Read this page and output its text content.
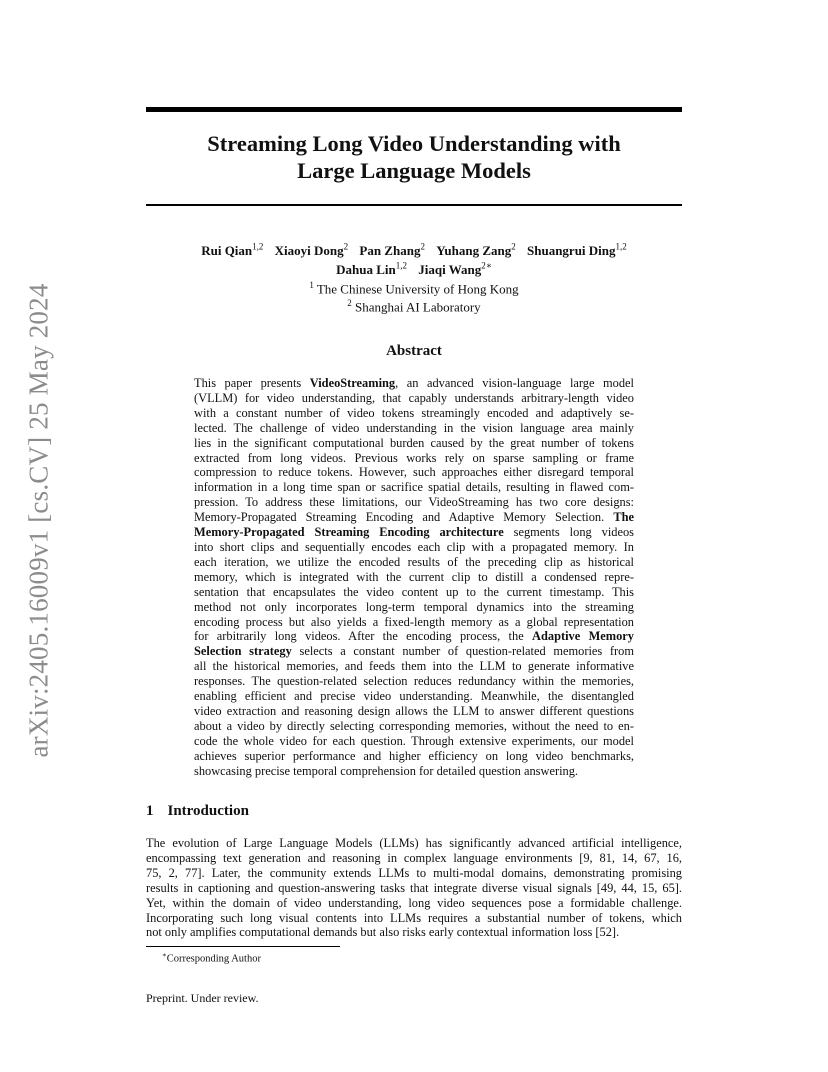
arXiv:2405.16009v1 [cs.CV] 25 May 2024
Streaming Long Video Understanding with
Large Language Models
Rui Qian$^{1,2}$ Xiaoyi Dong$^2$ Pan Zhang$^2$ Yuhang Zang$^2$ Shuangrui Ding$^{1,2}$
Dahua Lin$^{1,2}$ Jiaqi Wang$^{2∗}$
$^1$ The Chinese University of Hong Kong
$^2$ Shanghai AI Laboratory
Abstract
This paper presents VideoStreaming, an advanced vision-language large model
(VLLM) for video understanding, that capably understands arbitrary-length video
with a constant number of video tokens streamingly encoded and adaptively se-
lected. The challenge of video understanding in the vision language area mainly
lies in the significant computational burden caused by the great number of tokens
extracted from long videos. Previous works rely on sparse sampling or frame
compression to reduce tokens. However, such approaches either disregard temporal
information in a long time span or sacrifice spatial details, resulting in flawed com-
pression. To address these limitations, our VideoStreaming has two core designs:
Memory-Propagated Streaming Encoding and Adaptive Memory Selection. The
Memory-Propagated Streaming Encoding architecture segments long videos
into short clips and sequentially encodes each clip with a propagated memory. In
each iteration, we utilize the encoded results of the preceding clip as historical
memory, which is integrated with the current clip to distill a condensed repre-
sentation that encapsulates the video content up to the current timestamp. This
method not only incorporates long-term temporal dynamics into the streaming
encoding process but also yields a fixed-length memory as a global representation
for arbitrarily long videos. After the encoding process, the Adaptive Memory
Selection strategy selects a constant number of question-related memories from
all the historical memories, and feeds them into the LLM to generate informative
responses. The question-related selection reduces redundancy within the memories,
enabling efficient and precise video understanding. Meanwhile, the disentangled
video extraction and reasoning design allows the LLM to answer different questions
about a video by directly selecting corresponding memories, without the need to en-
code the whole video for each question. Through extensive experiments, our model
achieves superior performance and higher efficiency on long video benchmarks,
showcasing precise temporal comprehension for detailed question answering.
1 Introduction
The evolution of Large Language Models (LLMs) has significantly advanced artificial intelligence,
encompassing text generation and reasoning in complex language environments [9, 81, 14, 67, 16,
75, 2, 77]. Later, the community extends LLMs to multi-modal domains, demonstrating promising
results in captioning and question-answering tasks that integrate diverse visual signals [49, 44, 15, 65].
Yet, within the domain of video understanding, long video sequences pose a formidable challenge.
Incorporating such long visual contents into LLMs requires a substantial number of tokens, which
not only amplifies computational demands but also risks early contextual information loss [52].
∗Corresponding Author
Preprint. Under review.
